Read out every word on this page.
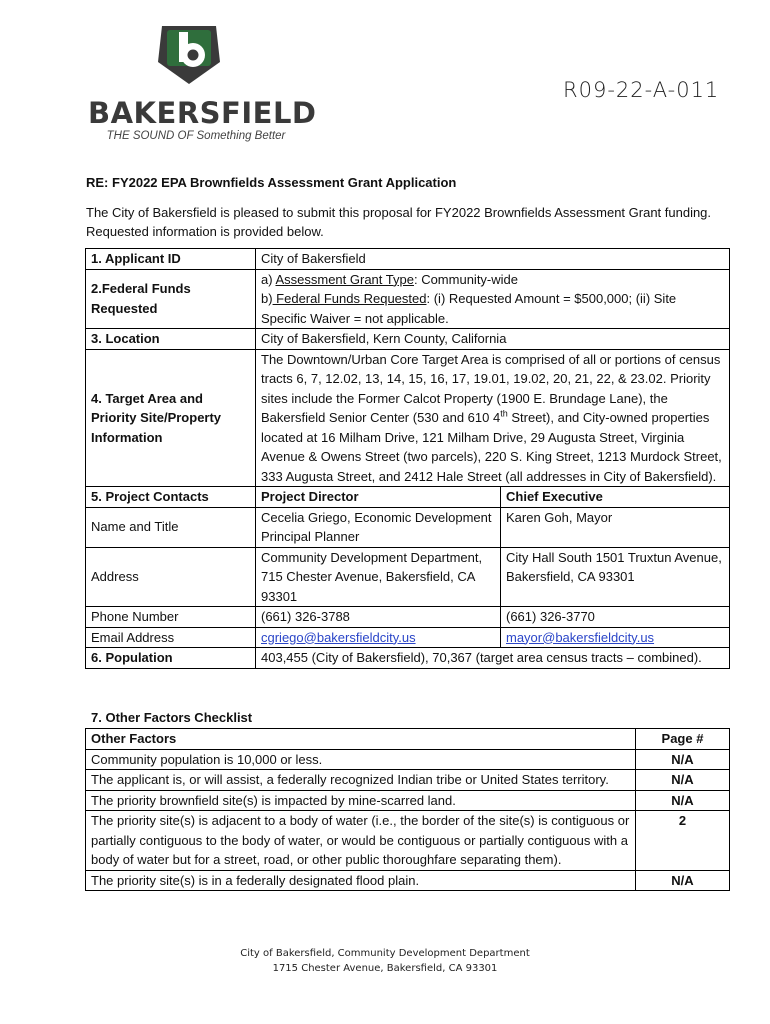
BAKERSFIELD
THE SOUND OF Something Better
R09-22-A-011
RE: FY2022 EPA Brownfields Assessment Grant Application
The City of Bakersfield is pleased to submit this proposal for FY2022 Brownfields Assessment Grant funding. Requested information is provided below.
1. Applicant ID	City of Bakersfield	
2.Federal Funds Requested	a) Assessment Grant Type: Community-wide
b) Federal Funds Requested: (i) Requested Amount = $500,000; (ii) Site Specific Waiver = not applicable.	

3. Location	City of Bakersfield, Kern County, California	
4. Target Area and Priority Site/Property Information	The Downtown/Urban Core Target Area is comprised of all or portions of census tracts 6, 7, 12.02, 13, 14, 15, 16, 17, 19.01, 19.02, 20, 21, 22, & 23.02. Priority sites include the Former Calcot Property (1900 E. Brundage Lane), the Bakersfield Senior Center (530 and 610 4th Street), and City-owned properties located at 16 Milham Drive, 121 Milham Drive, 29 Augusta Street, Virginia Avenue & Owens Street (two parcels), 220 S. King Street, 1213 Murdock Street, 333 Augusta Street, and 2412 Hale Street (all addresses in City of Bakersfield).	
5. Project Contacts	Project Director	Chief Executive
Name and Title	Cecelia Griego, Economic Development Principal Planner	Karen Goh, Mayor
Address	Community Development Department, 715 Chester Avenue, Bakersfield, CA 93301	City Hall South 1501 Truxtun Avenue, Bakersfield, CA 93301
Phone Number	(661) 326-3788	(661) 326-3770
Email Address	cgriego@bakersfieldcity.us	mayor@bakersfieldcity.us
6. Population	403,455 (City of Bakersfield), 70,367 (target area census tracts – combined).	
7. Other Factors Checklist
Other Factors	Page #
Community population is 10,000 or less.	N/A
The applicant is, or will assist, a federally recognized Indian tribe or United States territory.	N/A
The priority brownfield site(s) is impacted by mine-scarred land.	N/A
The priority site(s) is adjacent to a body of water (i.e., the border of the site(s) is contiguous or partially contiguous to the body of water, or would be contiguous or partially contiguous with a body of water but for a street, road, or other public thoroughfare separating them).	2
The priority site(s) is in a federally designated flood plain.	N/A
City of Bakersfield, Community Development Department
1715 Chester Avenue, Bakersfield, CA 93301
